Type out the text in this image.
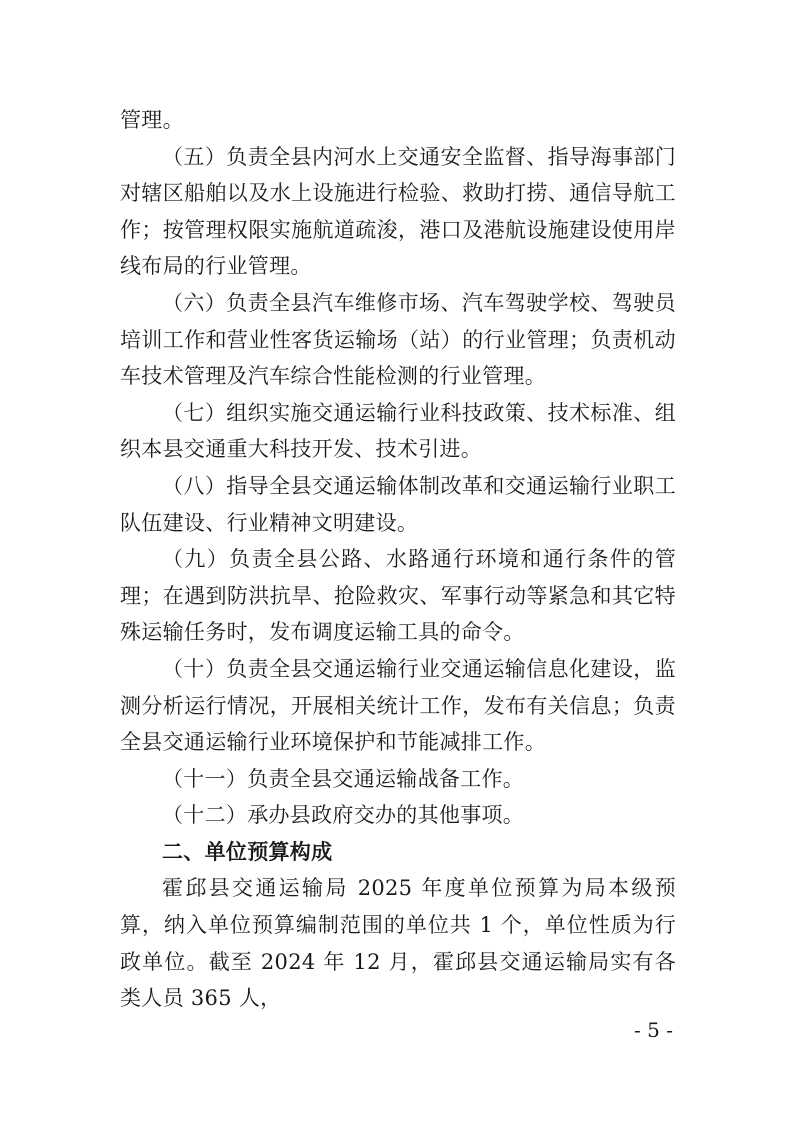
管理。

（五）负责全县内河水上交通安全监督、指导海事部门对辖区船舶以及水上设施进行检验、救助打捞、通信导航工作；按管理权限实施航道疏浚，港口及港航设施建设使用岸线布局的行业管理。

（六）负责全县汽车维修市场、汽车驾驶学校、驾驶员培训工作和营业性客货运输场（站）的行业管理；负责机动车技术管理及汽车综合性能检测的行业管理。

（七）组织实施交通运输行业科技政策、技术标准、组织本县交通重大科技开发、技术引进。

（八）指导全县交通运输体制改革和交通运输行业职工队伍建设、行业精神文明建设。

（九）负责全县公路、水路通行环境和通行条件的管理；在遇到防洪抗旱、抢险救灾、军事行动等紧急和其它特殊运输任务时，发布调度运输工具的命令。

（十）负责全县交通运输行业交通运输信息化建设，监测分析运行情况，开展相关统计工作，发布有关信息；负责全县交通运输行业环境保护和节能减排工作。

（十一）负责全县交通运输战备工作。

（十二）承办县政府交办的其他事项。

二、单位预算构成

霍邱县交通运输局 2025 年度单位预算为局本级预算，纳入单位预算编制范围的单位共 1 个，单位性质为行政单位。截至 2024 年 12 月，霍邱县交通运输局实有各类人员 365 人，

- 5 -
